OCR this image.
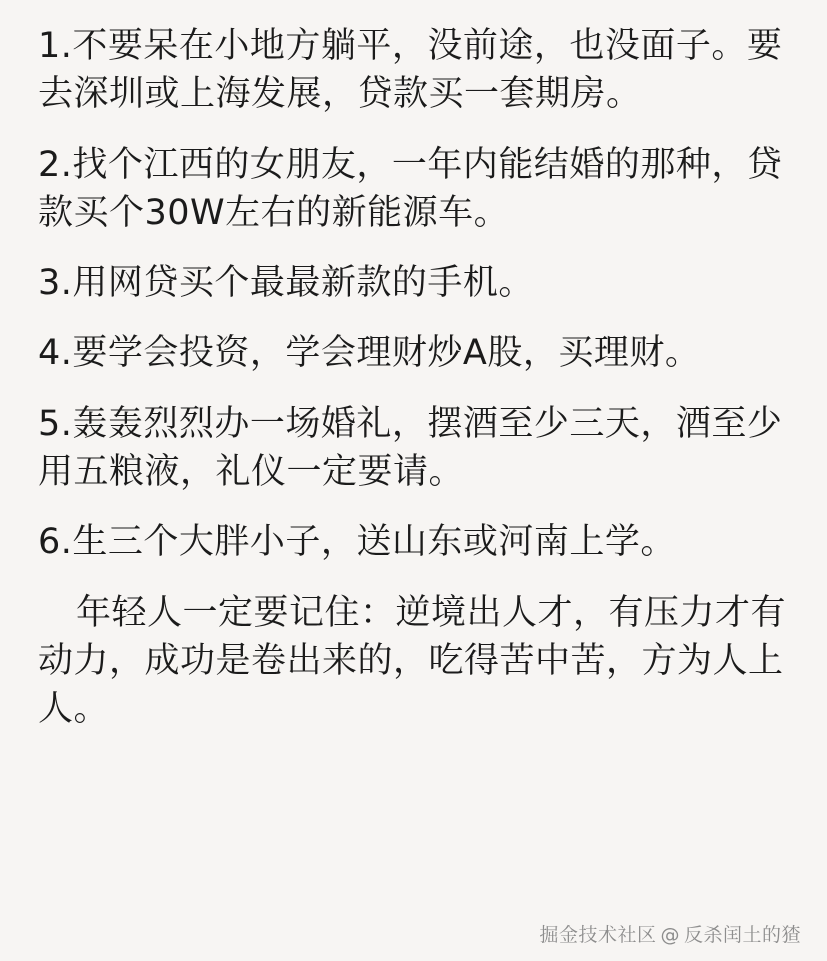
1.不要呆在小地方躺平，没前途，也没面子。要去深圳或上海发展，贷款买一套期房。

2.找个江西的女朋友，一年内能结婚的那种，贷款买个30W左右的新能源车。

3.用网贷买个最最新款的手机。

4.要学会投资，学会理财炒A股，买理财。

5.轰轰烈烈办一场婚礼，摆酒至少三天，酒至少用五粮液，礼仪一定要请。

6.生三个大胖小子，送山东或河南上学。

年轻人一定要记住：逆境出人才，有压力才有动力，成功是卷出来的，吃得苦中苦，方为人上人。

掘金技术社区 @ 反杀闰土的猹
